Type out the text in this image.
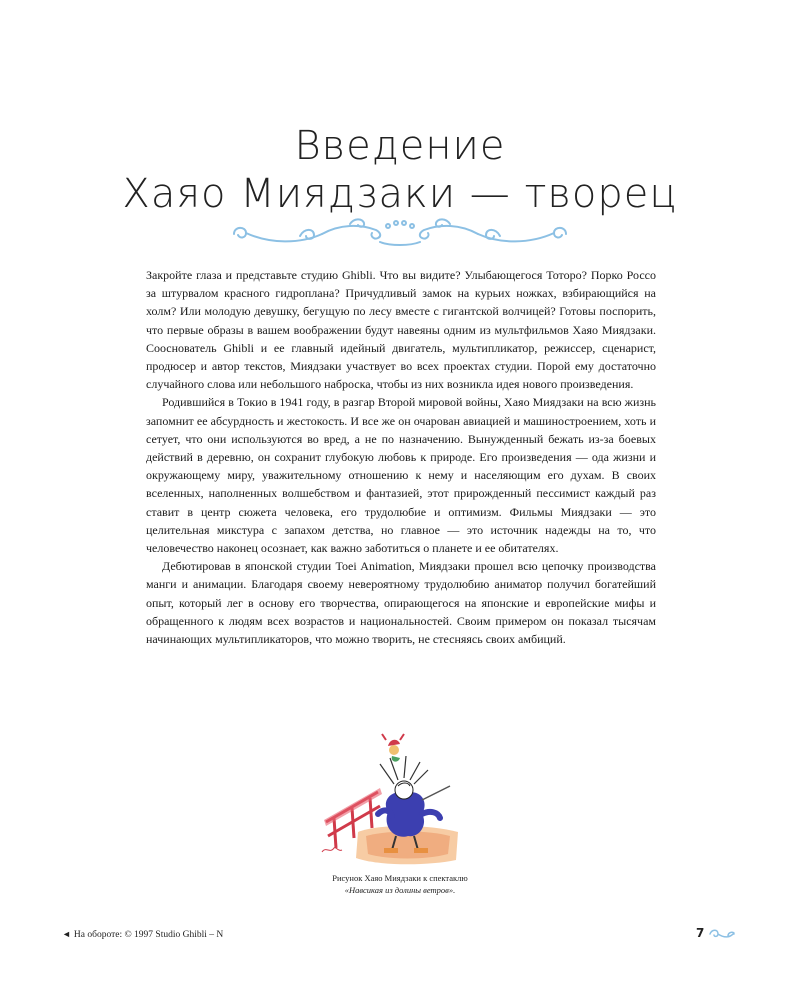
Введение
Хаяо Миядзаки — творец

Закройте глаза и представьте студию Ghibli. Что вы видите? Улыбающегося Тоторо? Порко Россо за штурвалом красного гидроплана? Причудливый замок на курьих ножках, взбирающийся на холм? Или молодую девушку, бегущую по лесу вместе с гигантской волчицей? Готовы поспорить, что первые образы в вашем воображении будут навеяны одним из мультфильмов Хаяо Миядзаки. Сооснователь Ghibli и ее главный идейный двигатель, мультипликатор, режиссер, сценарист, продюсер и автор текстов, Миядзаки участвует во всех проектах студии. Порой ему достаточно случайного слова или небольшого наброска, чтобы из них возникла идея нового произведения.

Родившийся в Токио в 1941 году, в разгар Второй мировой войны, Хаяо Миядзаки на всю жизнь запомнит ее абсурдность и жестокость. И все же он очарован авиацией и машиностроением, хоть и сетует, что они используются во вред, а не по назначению. Вынужденный бежать из-за боевых действий в деревню, он сохранит глубокую любовь к природе. Его произведения — ода жизни и окружающему миру, уважительному отношению к нему и населяющим его духам. В своих вселенных, наполненных волшебством и фантазией, этот прирожденный пессимист каждый раз ставит в центр сюжета человека, его трудолюбие и оптимизм. Фильмы Миядзаки — это целительная микстура с запахом детства, но главное — это источник надежды на то, что человечество наконец осознает, как важно заботиться о планете и ее обитателях.

Дебютировав в японской студии Toei Animation, Миядзаки прошел всю цепочку производства манги и анимации. Благодаря своему невероятному трудолюбию аниматор получил богатейший опыт, который лег в основу его творчества, опирающегося на японские и европейские мифы и обращенного к людям всех возрастов и национальностей. Своим примером он показал тысячам начинающих мультипликаторов, что можно творить, не стесняясь своих амбиций.

Рисунок Хаяо Миядзаки к спектаклю
«Навсикая из долины ветров».
◄ На обороте: © 1997 Studio Ghibli – N	7
